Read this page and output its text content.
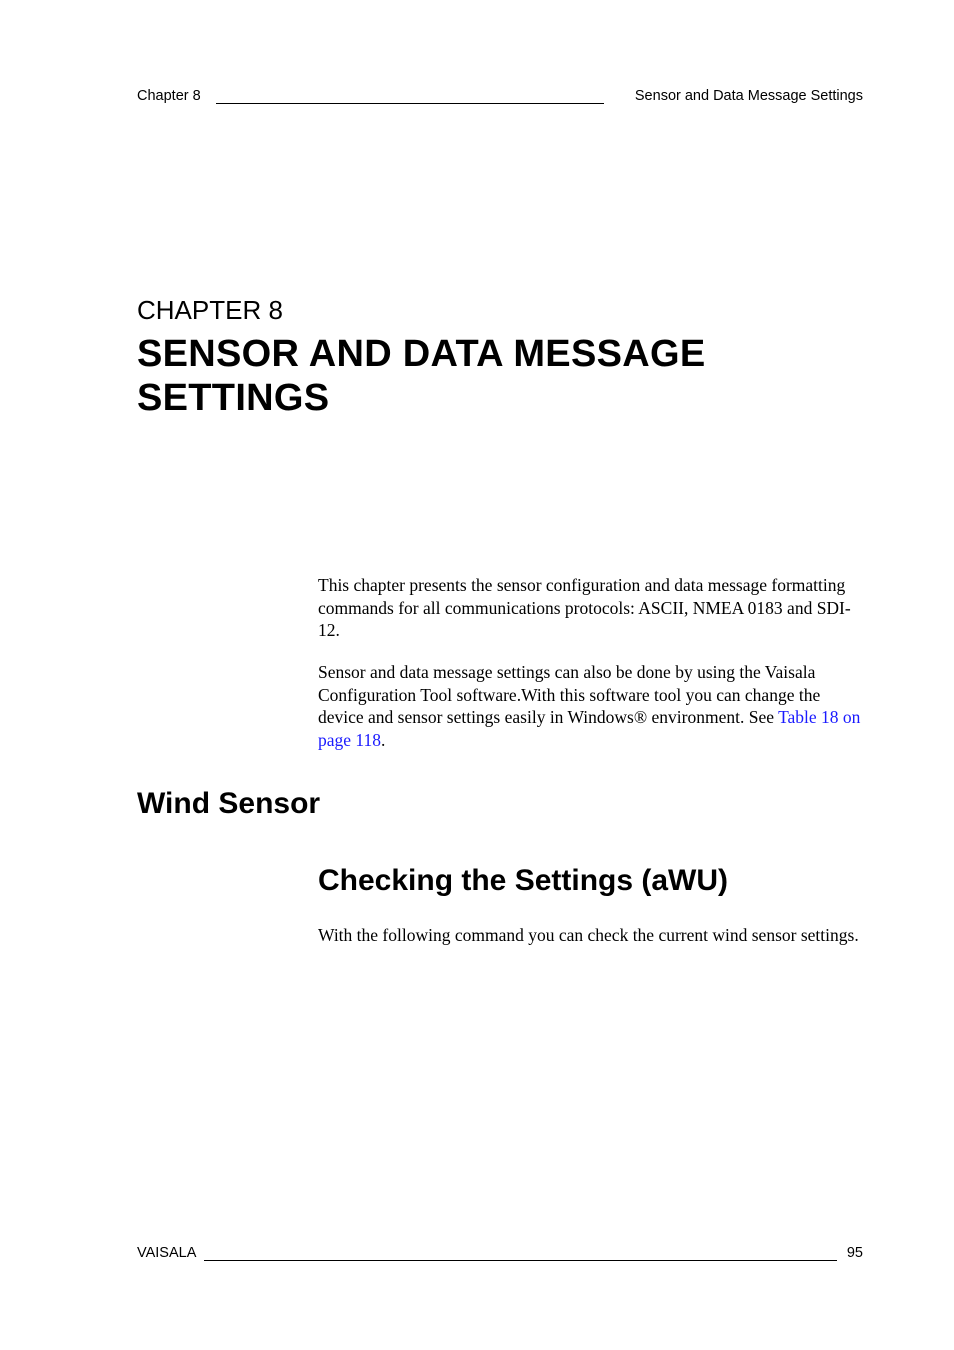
Chapter 8	Sensor and Data Message Settings
CHAPTER 8
SENSOR AND DATA MESSAGE
SETTINGS

This chapter presents the sensor configuration and data message formatting commands for all communications protocols: ASCII, NMEA 0183 and SDI-12.

Sensor and data message settings can also be done by using the Vaisala Configuration Tool software.With this software tool you can change the device and sensor settings easily in Windows® environment. See Table 18 on page 118.

Wind Sensor
Checking the Settings (aWU)

With the following command you can check the current wind sensor settings.

VAISALA	95
